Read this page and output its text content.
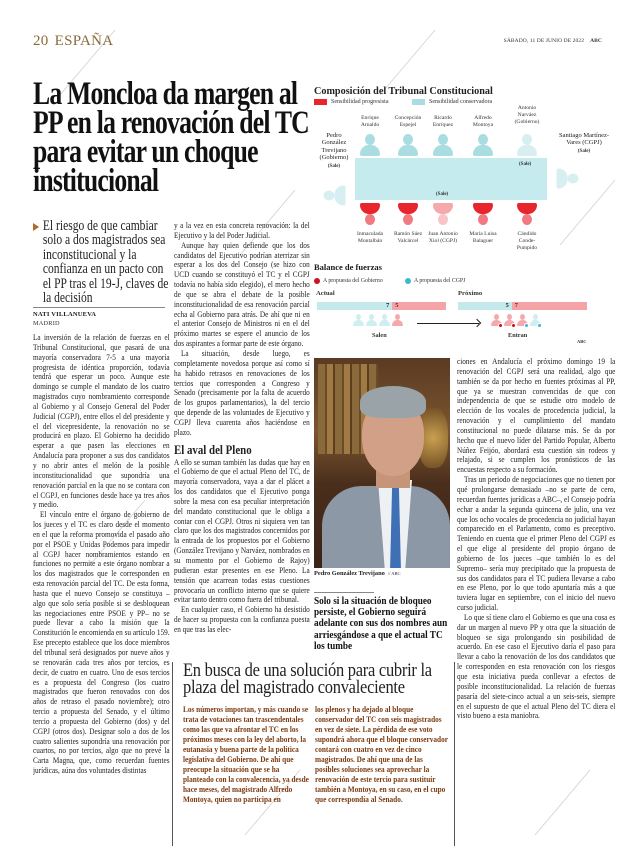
20 ESPAÑA	SÁBADO, 11 DE JUNIO DE 2022 ABC
La Moncloa da margen al PP en la renovación del TC para evitar un choque institucional
El riesgo de que cambiar solo a dos magistrados sea inconstitucional y la confianza en un pacto con el PP tras el 19-J, claves de la decisión
NATI VILLANUEVA
MADRID

La inversión de la relación de fuerzas en el Tribunal Constitucional, que pasará de una mayoría conservadora 7-5 a una mayoría progresista de idéntica proporción, todavía tendrá que esperar un poco. Aunque este domingo se cumple el mandato de los cuatro magistrados cuyo nombramiento corresponde al Gobierno y al Consejo General del Poder Judicial (CGPJ), entre ellos el del presidente y el del vicepresidente, la renovación no se producirá en plazo. El Gobierno ha decidido esperar a que pasen las elecciones en Andalucía para proponer a sus dos candidatos y no abrir antes el melón de la posible inconstitucionalidad que supondría una renovación parcial en la que no se contara con el CGPJ, en funciones desde hace ya tres años y medio.

El vínculo entre el órgano de gobierno de los jueces y el TC es claro desde el momento en el que la reforma promovida el pasado año por el PSOE y Unidas Podemos para impedir al CGPJ hacer nombramientos estando en funciones no permite a este órgano nombrar a los dos magistrados que le corresponden en esta renovación parcial del TC. De esta forma, hasta que el nuevo Consejo se constituya –algo que solo sería posible si se desbloquean las negociaciones entre PSOE y PP– no se puede llevar a cabo la misión que la Constitución le encomienda en su artículo 159. Ese precepto establece que los doce miembros del tribunal será designados por nueve años y se renovarán cada tres años por tercios, es decir, de cuatro en cuatro. Uno de esos tercios es a propuesta del Congreso (los cuatro magistrados que fueron renovados con dos años de retraso el pasado noviembre); otro tercio a propuesta del Senado, y el último tercio a propuesta del Gobierno (dos) y del CGPJ (otros dos). Designar solo a dos de los cuatro salientes supondría una renovación por cuartos, no por tercios, algo que no prevé la Carta Magna, que, como recuerdan fuentes jurídicas, aúna dos voluntades distintas

y a la vez en esta concreta renovación: la del Ejecutivo y la del Poder Judicial.

Aunque hay quien defiende que los dos candidatos del Ejecutivo podrían aterrizar sin esperar a los dos del Consejo (se hizo con UCD cuando se constituyó el TC y el CGPJ todavía no había sido elegido), el mero hecho de que se abra el debate de la posible inconstitucionalidad de esa renovación parcial echa al Gobierno para atrás. De ahí que ni en el anterior Consejo de Ministros ni en el del próximo martes se espere el anuncio de los dos aspirantes a formar parte de este órgano.

La situación, desde luego, es completamente novedosa porque así como sí ha habido retrasos en renovaciones de los tercios que corresponden a Congreso y Senado (precisamente por la falta de acuerdo de los grupos parlamentarios), la del tercio que depende de las voluntades de Ejecutivo y CGPJ lleva cuarenta años haciéndose en plazo.

El aval del Pleno

A ello se suman también las dudas que hay en el Gobierno de que el actual Pleno del TC, de mayoría conservadora, vaya a dar el plácet a los dos candidatos que el Ejecutivo ponga sobre la mesa con esa peculiar interpretación del mandato constitucional que le obliga a contar con el CGPJ. Otros ni siquiera ven tan claro que los dos magistrados concernidos por la entrada de los propuestos por el Gobierno (González Trevijano y Narváez, nombrados en su momento por el Gobierno de Rajoy) pudieran estar presentes en ese Pleno. La tensión que acarrean todas estas cuestiones provocaría un conflicto interno que se quiere evitar tanto dentro como fuera del tribunal.

En cualquier caso, el Gobierno ha desistido de hacer su propuesta con la confianza puesta en que tras las elec-

ciones en Andalucía el próximo domingo 19 la renovación del CGPJ será una realidad, algo que también se da por hecho en fuentes próximas al PP, que ya se muestran convencidas de que con independencia de que se estudie otro modelo de elección de los vocales de procedencia judicial, la renovación y el cumplimiento del mandato constitucional no puede dilatarse más. Se da por hecho que el nuevo líder del Partido Popular, Alberto Núñez Feijóo, abordará esta cuestión sin rodeos y relajado, si se cumplen los pronósticos de las encuestas respecto a su formación.

Tras un periodo de negociaciones que no tienen por qué prolongarse demasiado –no se parte de cero, recuerdan fuentes jurídicas a ABC–, el Consejo podría echar a andar la segunda quincena de julio, una vez que los ocho vocales de procedencia no judicial hayan comparecido en el Parlamento, como es preceptivo. Teniendo en cuenta que el primer Pleno del CGPJ es el que elige al presidente del propio órgano de gobierno de los jueces –que también lo es del Supremo– sería muy precipitado que la propuesta de sus dos candidatos para el TC pudiera llevarse a cabo en ese Pleno, por lo que todo apuntaría más a que tuviera lugar en septiembre, con el inicio del nuevo curso judicial.

Lo que sí tiene claro el Gobierno es que una cosa es dar un margen al nuevo PP y otra que la situación de bloqueo se siga prolongando sin posibilidad de acuerdo. En ese caso el Ejecutivo daría el paso para llevar a cabo la renovación de los dos candidatos que le corresponden en esta renovación con los riesgos que esta iniciativa pueda conllevar a efectos de posible inconstitucionalidad. La relación de fuerzas pasaría del siete-cinco actual a un seis-seis, siempre en el supuesto de que el actual Pleno del TC diera el visto bueno a esta maniobra.

Composición del Tribunal Constitucional
Sensibilidad progresista	Sensibilidad conservadora
(Sale)
(Sale)
Enrique Arnaldo
Concepción Espejel
Ricardo Enríquez
Alfredo Montoya
Antonio Narváez (Gobierno)
Inmaculada Montalbán
Ramón Sáez Valcárcel
Juan Antonio Xiol (CGPJ)
María Luisa Balaguer
Cándido Conde-Pumpido
Pedro González Trevijano (Gobierno)
(Sale)
Santiago Martínez-Vares (CGPJ)
(Sale)
Balance de fuerzas
A propuesta del Gobierno	A propuesta del CGPJ
Actual	Próximo
7 5	5 7
Salen	Entran
ABC
Pedro González Trevijano // ABC
Solo si la situación de bloqueo persiste, el Gobierno seguirá adelante con sus dos nombres aun arriesgándose a que el actual TC los tumbe
En busca de una solución para cubrir la plaza del magistrado convaleciente
Los números importan, y más cuando se trata de votaciones tan trascendentales como las que va afrontar el TC en los próximos meses con la ley del aborto, la eutanasia y buena parte de la política legislativa del Gobierno. De ahí que preocupe la situación que se ha planteado con la convalecencia, ya desde hace meses, del magistrado Alfredo Montoya, quien no participa en
los plenos y ha dejado al bloque conservador del TC con seis magistrados en vez de siete. La pérdida de ese voto supondrá ahora que el bloque conservador contará con cuatro en vez de cinco magistrados. De ahí que una de las posibles soluciones sea aprovechar la renovación de este tercio para sustituir también a Montoya, en su caso, en el cupo que correspondía al Senado.
